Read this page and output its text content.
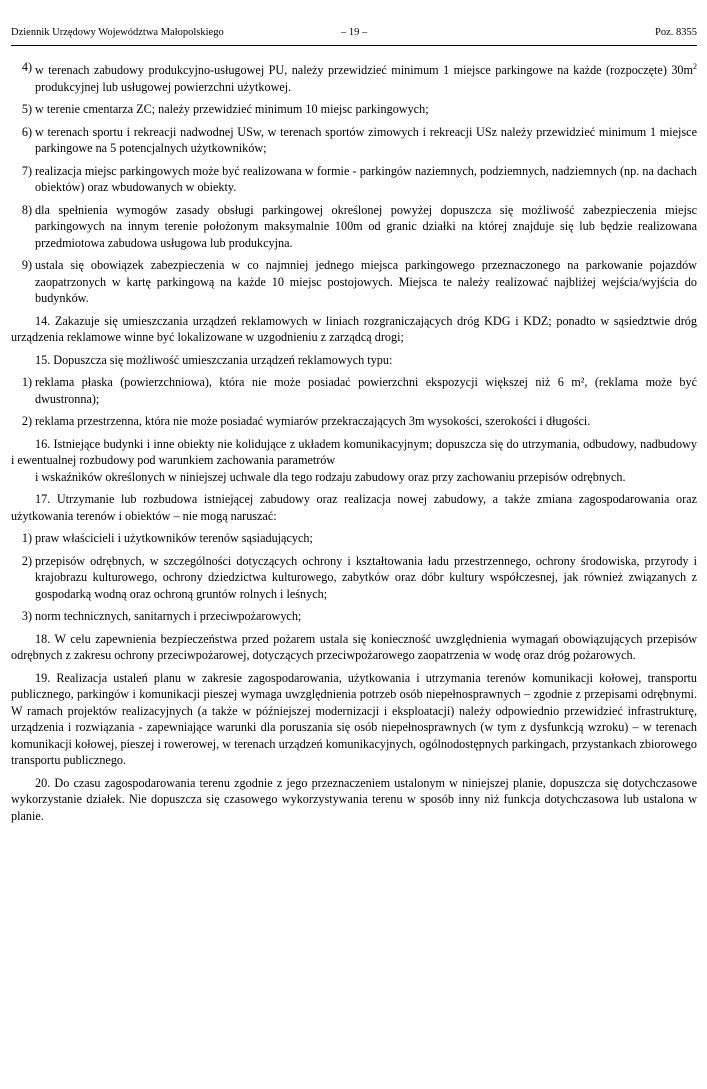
Dziennik Urzędowy Województwa Małopolskiego	– 19 –	Poz. 8355
4) w terenach zabudowy produkcyjno-usługowej PU, należy przewidzieć minimum 1 miejsce parkingowe na każde (rozpoczęte) $30m^2$ produkcyjnej lub usługowej powierzchni użytkowej.
5) w terenie cmentarza ZC; należy przewidzieć minimum 10 miejsc parkingowych;
6) w terenach sportu i rekreacji nadwodnej USw, w terenach sportów zimowych i rekreacji USz należy przewidzieć minimum 1 miejsce parkingowe na 5 potencjalnych użytkowników;
7) realizacja miejsc parkingowych może być realizowana w formie - parkingów naziemnych, podziemnych, nadziemnych (np. na dachach obiektów) oraz wbudowanych w obiekty.
8) dla spełnienia wymogów zasady obsługi parkingowej określonej powyżej dopuszcza się możliwość zabezpieczenia miejsc parkingowych na innym terenie położonym maksymalnie 100m od granic działki na której znajduje się lub będzie realizowana przedmiotowa zabudowa usługowa lub produkcyjna.
9) ustala się obowiązek zabezpieczenia w co najmniej jednego miejsca parkingowego przeznaczonego na parkowanie pojazdów zaopatrzonych w kartę parkingową na każde 10 miejsc postojowych. Miejsca te należy realizować najbliżej wejścia/wyjścia do budynków.
14. Zakazuje się umieszczania urządzeń reklamowych w liniach rozgraniczających dróg KDG i KDZ; ponadto w sąsiedztwie dróg urządzenia reklamowe winne być lokalizowane w uzgodnieniu z zarządcą drogi;
15. Dopuszcza się możliwość umieszczania urządzeń reklamowych typu:
1) reklama płaska (powierzchniowa), która nie może posiadać powierzchni ekspozycji większej niż 6 m², (reklama może być dwustronna);
2) reklama przestrzenna, która nie może posiadać wymiarów przekraczających 3m wysokości, szerokości i długości.
16. Istniejące budynki i inne obiekty nie kolidujące z układem komunikacyjnym; dopuszcza się do utrzymania, odbudowy, nadbudowy i ewentualnej rozbudowy pod warunkiem zachowania parametrów
i wskaźników określonych w niniejszej uchwale dla tego rodzaju zabudowy oraz przy zachowaniu przepisów odrębnych.
17. Utrzymanie lub rozbudowa istniejącej zabudowy oraz realizacja nowej zabudowy, a także zmiana zagospodarowania oraz użytkowania terenów i obiektów – nie mogą naruszać:
1) praw właścicieli i użytkowników terenów sąsiadujących;
2) przepisów odrębnych, w szczególności dotyczących ochrony i kształtowania ładu przestrzennego, ochrony środowiska, przyrody i krajobrazu kulturowego, ochrony dziedzictwa kulturowego, zabytków oraz dóbr kultury współczesnej, jak również związanych z gospodarką wodną oraz ochroną gruntów rolnych i leśnych;
3) norm technicznych, sanitarnych i przeciwpożarowych;
18. W celu zapewnienia bezpieczeństwa przed pożarem ustala się konieczność uwzględnienia wymagań obowiązujących przepisów odrębnych z zakresu ochrony przeciwpożarowej, dotyczących przeciwpożarowego zaopatrzenia w wodę oraz dróg pożarowych.
19. Realizacja ustaleń planu w zakresie zagospodarowania, użytkowania i utrzymania terenów komunikacji kołowej, transportu publicznego, parkingów i komunikacji pieszej wymaga uwzględnienia potrzeb osób niepełnosprawnych – zgodnie z przepisami odrębnymi. W ramach projektów realizacyjnych (a także w późniejszej modernizacji i eksploatacji) należy odpowiednio przewidzieć infrastrukturę, urządzenia i rozwiązania - zapewniające warunki dla poruszania się osób niepełnosprawnych (w tym z dysfunkcją wzroku) – w terenach komunikacji kołowej, pieszej i rowerowej, w terenach urządzeń komunikacyjnych, ogólnodostępnych parkingach, przystankach zbiorowego transportu publicznego.
20. Do czasu zagospodarowania terenu zgodnie z jego przeznaczeniem ustalonym w niniejszej planie, dopuszcza się dotychczasowe wykorzystanie działek. Nie dopuszcza się czasowego wykorzystywania terenu w sposób inny niż funkcja dotychczasowa lub ustalona w planie.
